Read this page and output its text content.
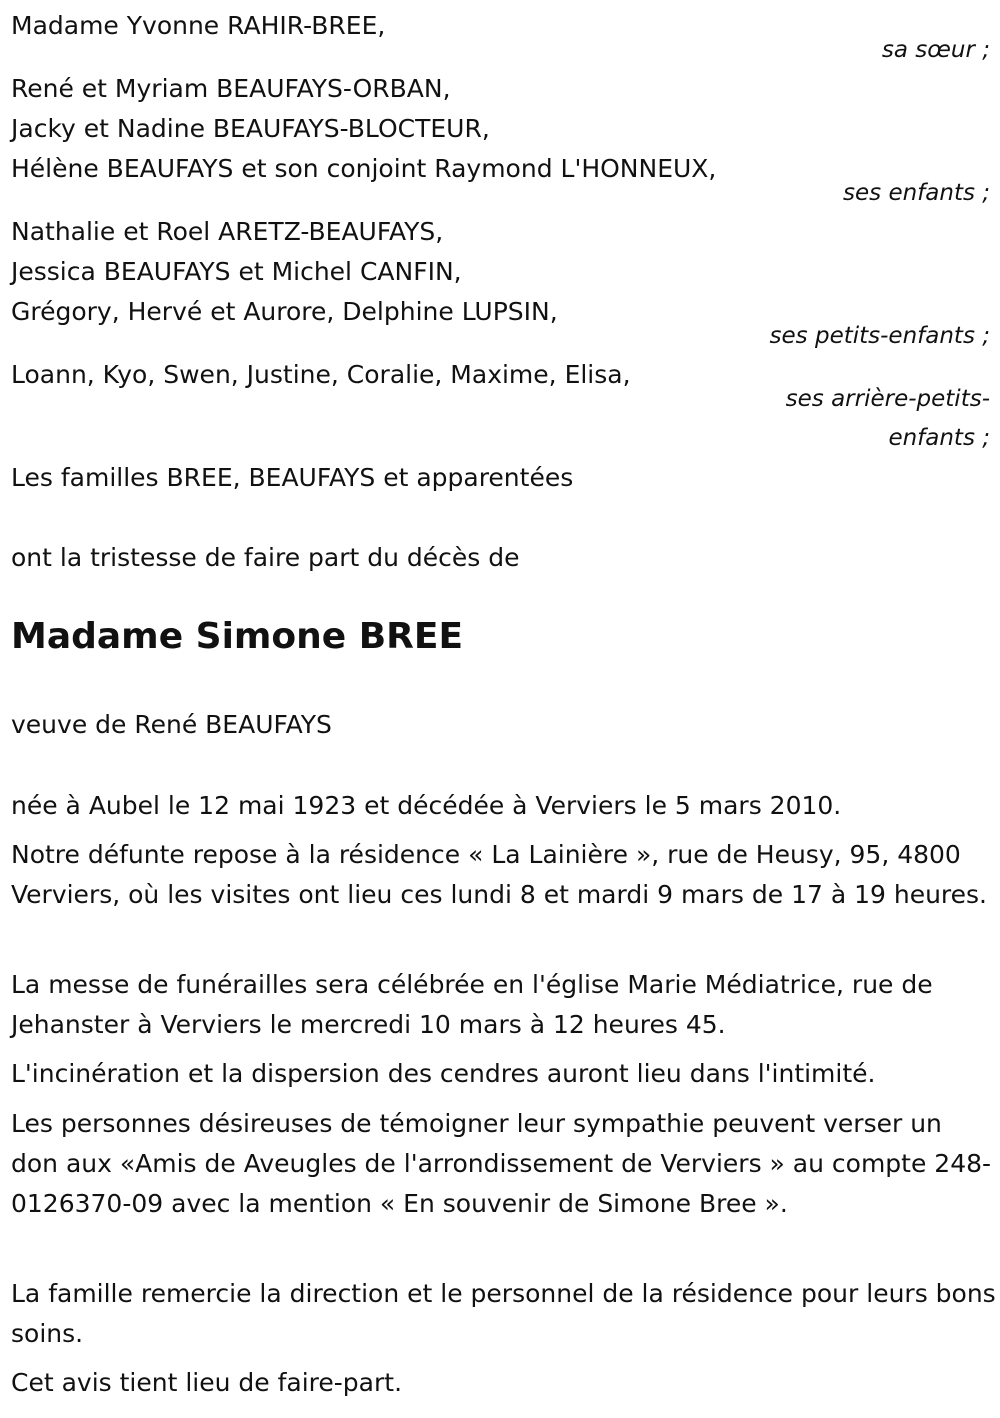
Madame Yvonne RAHIR-BREE,

sa sœur ;

René et Myriam BEAUFAYS-ORBAN,

Jacky et Nadine BEAUFAYS-BLOCTEUR,

Hélène BEAUFAYS et son conjoint Raymond L'HONNEUX,

ses enfants ;

Nathalie et Roel ARETZ-BEAUFAYS,

Jessica BEAUFAYS et Michel CANFIN,

Grégory, Hervé et Aurore, Delphine LUPSIN,

ses petits-enfants ;

Loann, Kyo, Swen, Justine, Coralie, Maxime, Elisa,

ses arrière-petits-

enfants ;

Les familles BREE, BEAUFAYS et apparentées

ont la tristesse de faire part du décès de

Madame Simone BREE

veuve de René BEAUFAYS

née à Aubel le 12 mai 1923 et décédée à Verviers le 5 mars 2010.

Notre défunte repose à la résidence « La Lainière », rue de Heusy, 95, 4800 Verviers, où les visites ont lieu ces lundi 8 et mardi 9 mars de 17 à 19 heures.

La messe de funérailles sera célébrée en l'église Marie Médiatrice, rue de Jehanster à Verviers le mercredi 10 mars à 12 heures 45.

L'incinération et la dispersion des cendres auront lieu dans l'intimité.

Les personnes désireuses de témoigner leur sympathie peuvent verser un don aux «Amis de Aveugles de l'arrondissement de Verviers » au compte 248-0126370-09 avec la mention « En souvenir de Simone Bree ».

La famille remercie la direction et le personnel de la résidence pour leurs bons soins.

Cet avis tient lieu de faire-part.
